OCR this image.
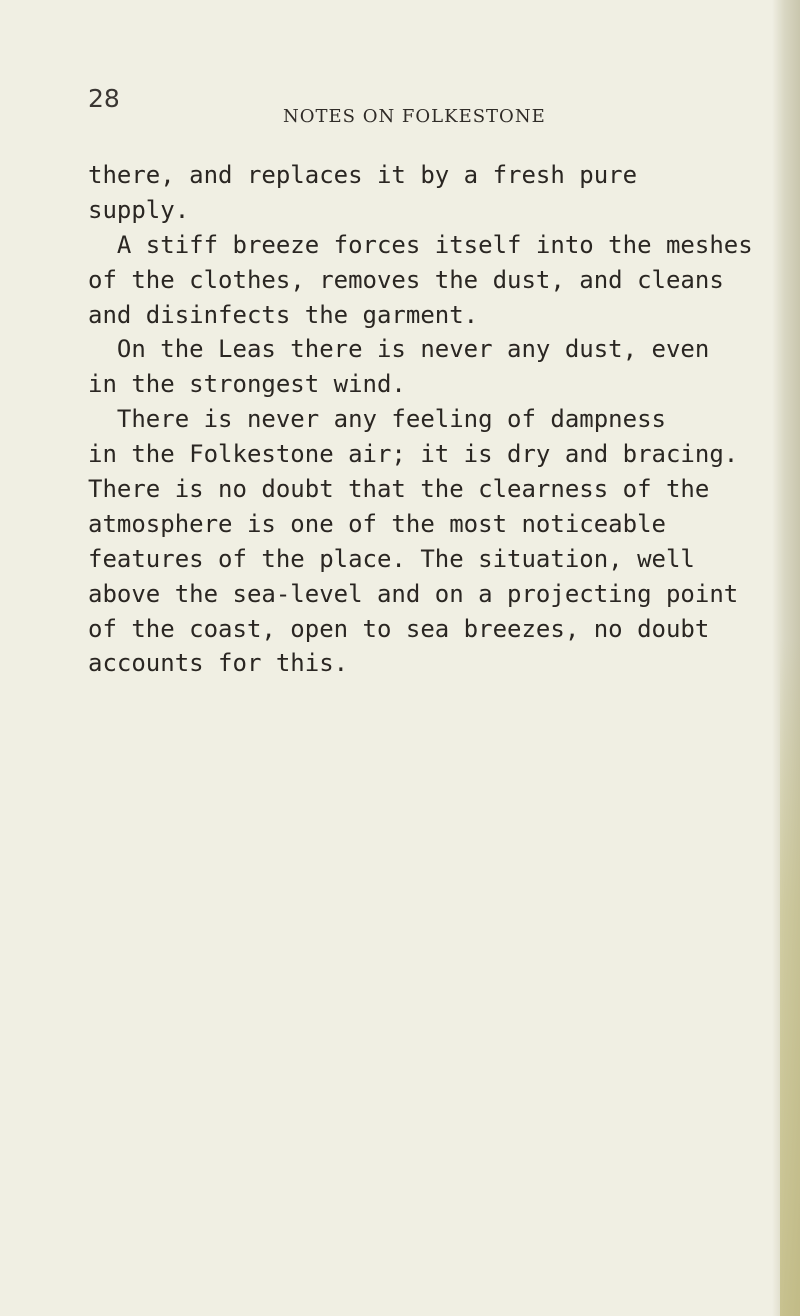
28
NOTES ON FOLKESTONE
there, and replaces it by a fresh pure
supply.
A stiff breeze forces itself into the meshes
of the clothes, removes the dust, and cleans
and disinfects the garment.
On the Leas there is never any dust, even
in the strongest wind.
There is never any feeling of dampness
in the Folkestone air; it is dry and bracing.
There is no doubt that the clearness of the
atmosphere is one of the most noticeable
features of the place. The situation, well
above the sea-level and on a projecting point
of the coast, open to sea breezes, no doubt
accounts for this.
